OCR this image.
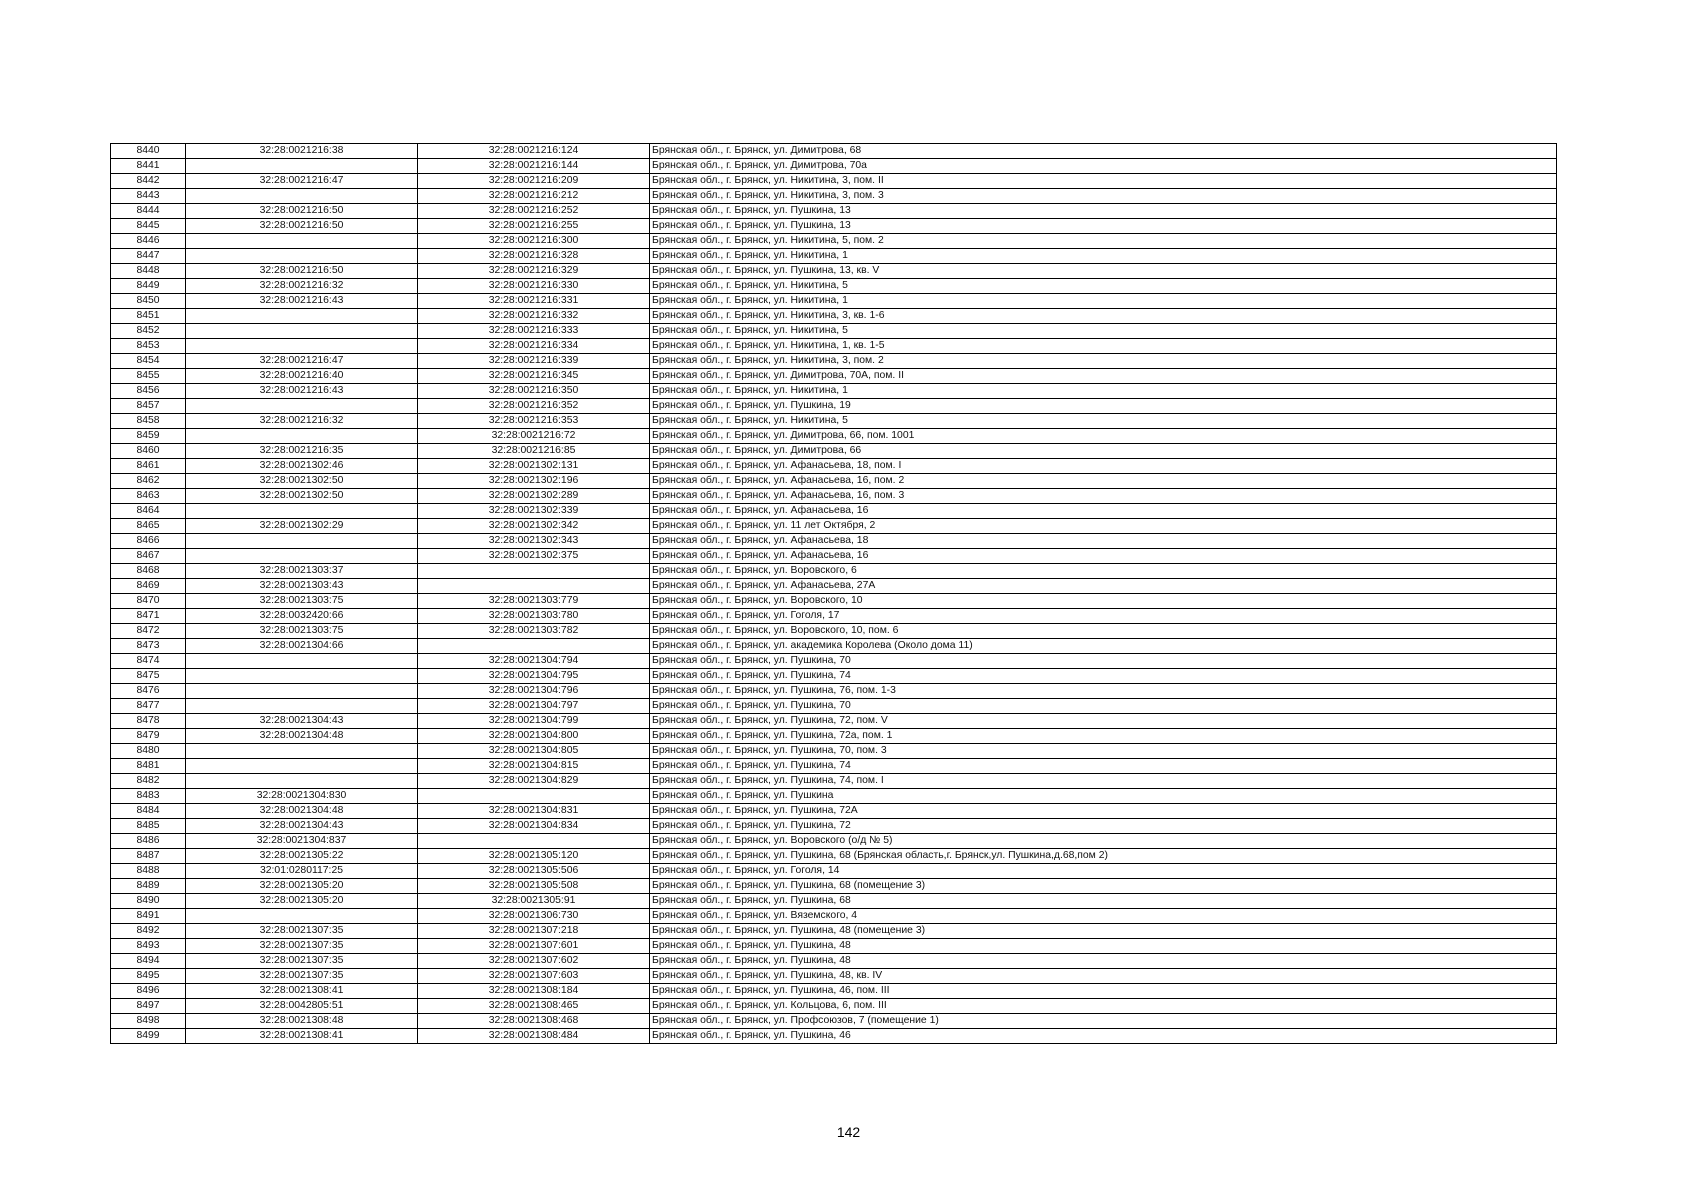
8440	32:28:0021216:38	32:28:0021216:124	Брянская обл., г. Брянск, ул. Димитрова, 68
8441		32:28:0021216:144	Брянская обл., г. Брянск, ул. Димитрова, 70а
8442	32:28:0021216:47	32:28:0021216:209	Брянская обл., г. Брянск, ул. Никитина, 3, пом. II
8443		32:28:0021216:212	Брянская обл., г. Брянск, ул. Никитина, 3, пом. 3
8444	32:28:0021216:50	32:28:0021216:252	Брянская обл., г. Брянск, ул. Пушкина, 13
8445	32:28:0021216:50	32:28:0021216:255	Брянская обл., г. Брянск, ул. Пушкина, 13
8446		32:28:0021216:300	Брянская обл., г. Брянск, ул. Никитина, 5, пом. 2
8447		32:28:0021216:328	Брянская обл., г. Брянск, ул. Никитина, 1
8448	32:28:0021216:50	32:28:0021216:329	Брянская обл., г. Брянск, ул. Пушкина, 13, кв. V
8449	32:28:0021216:32	32:28:0021216:330	Брянская обл., г. Брянск, ул. Никитина, 5
8450	32:28:0021216:43	32:28:0021216:331	Брянская обл., г. Брянск, ул. Никитина, 1
8451		32:28:0021216:332	Брянская обл., г. Брянск, ул. Никитина, 3, кв. 1-6
8452		32:28:0021216:333	Брянская обл., г. Брянск, ул. Никитина, 5
8453		32:28:0021216:334	Брянская обл., г. Брянск, ул. Никитина, 1, кв. 1-5
8454	32:28:0021216:47	32:28:0021216:339	Брянская обл., г. Брянск, ул. Никитина, 3, пом. 2
8455	32:28:0021216:40	32:28:0021216:345	Брянская обл., г. Брянск, ул. Димитрова, 70А, пом. II
8456	32:28:0021216:43	32:28:0021216:350	Брянская обл., г. Брянск, ул. Никитина, 1
8457		32:28:0021216:352	Брянская обл., г. Брянск, ул. Пушкина, 19
8458	32:28:0021216:32	32:28:0021216:353	Брянская обл., г. Брянск, ул. Никитина, 5
8459		32:28:0021216:72	Брянская обл., г. Брянск, ул. Димитрова, 66, пом. 1001
8460	32:28:0021216:35	32:28:0021216:85	Брянская обл., г. Брянск, ул. Димитрова, 66
8461	32:28:0021302:46	32:28:0021302:131	Брянская обл., г. Брянск, ул. Афанасьева, 18, пом. I
8462	32:28:0021302:50	32:28:0021302:196	Брянская обл., г. Брянск, ул. Афанасьева, 16, пом. 2
8463	32:28:0021302:50	32:28:0021302:289	Брянская обл., г. Брянск, ул. Афанасьева, 16, пом. 3
8464		32:28:0021302:339	Брянская обл., г. Брянск, ул. Афанасьева, 16
8465	32:28:0021302:29	32:28:0021302:342	Брянская обл., г. Брянск, ул. 11 лет Октября, 2
8466		32:28:0021302:343	Брянская обл., г. Брянск, ул. Афанасьева, 18
8467		32:28:0021302:375	Брянская обл., г. Брянск, ул. Афанасьева, 16
8468	32:28:0021303:37		Брянская обл., г. Брянск, ул. Воровского, 6
8469	32:28:0021303:43		Брянская обл., г. Брянск, ул. Афанасьева, 27А
8470	32:28:0021303:75	32:28:0021303:779	Брянская обл., г. Брянск, ул. Воровского, 10
8471	32:28:0032420:66	32:28:0021303:780	Брянская обл., г. Брянск, ул. Гоголя, 17
8472	32:28:0021303:75	32:28:0021303:782	Брянская обл., г. Брянск, ул. Воровского, 10, пом. 6
8473	32:28:0021304:66		Брянская обл., г. Брянск, ул. академика Королева (Около дома 11)
8474		32:28:0021304:794	Брянская обл., г. Брянск, ул. Пушкина, 70
8475		32:28:0021304:795	Брянская обл., г. Брянск, ул. Пушкина, 74
8476		32:28:0021304:796	Брянская обл., г. Брянск, ул. Пушкина, 76, пом. 1-3
8477		32:28:0021304:797	Брянская обл., г. Брянск, ул. Пушкина, 70
8478	32:28:0021304:43	32:28:0021304:799	Брянская обл., г. Брянск, ул. Пушкина, 72, пом. V
8479	32:28:0021304:48	32:28:0021304:800	Брянская обл., г. Брянск, ул. Пушкина, 72а, пом. 1
8480		32:28:0021304:805	Брянская обл., г. Брянск, ул. Пушкина, 70, пом. 3
8481		32:28:0021304:815	Брянская обл., г. Брянск, ул. Пушкина, 74
8482		32:28:0021304:829	Брянская обл., г. Брянск, ул. Пушкина, 74, пом. I
8483	32:28:0021304:830		Брянская обл., г. Брянск, ул. Пушкина
8484	32:28:0021304:48	32:28:0021304:831	Брянская обл., г. Брянск, ул. Пушкина, 72А
8485	32:28:0021304:43	32:28:0021304:834	Брянская обл., г. Брянск, ул. Пушкина, 72
8486	32:28:0021304:837		Брянская обл., г. Брянск, ул. Воровского (о/д № 5)
8487	32:28:0021305:22	32:28:0021305:120	Брянская обл., г. Брянск, ул. Пушкина, 68 (Брянская область,г. Брянск,ул. Пушкина,д.68,пом 2)
8488	32:01:0280117:25	32:28:0021305:506	Брянская обл., г. Брянск, ул. Гоголя, 14
8489	32:28:0021305:20	32:28:0021305:508	Брянская обл., г. Брянск, ул. Пушкина, 68 (помещение 3)
8490	32:28:0021305:20	32:28:0021305:91	Брянская обл., г. Брянск, ул. Пушкина, 68
8491		32:28:0021306:730	Брянская обл., г. Брянск, ул. Вяземского, 4
8492	32:28:0021307:35	32:28:0021307:218	Брянская обл., г. Брянск, ул. Пушкина, 48 (помещение 3)
8493	32:28:0021307:35	32:28:0021307:601	Брянская обл., г. Брянск, ул. Пушкина, 48
8494	32:28:0021307:35	32:28:0021307:602	Брянская обл., г. Брянск, ул. Пушкина, 48
8495	32:28:0021307:35	32:28:0021307:603	Брянская обл., г. Брянск, ул. Пушкина, 48, кв. IV
8496	32:28:0021308:41	32:28:0021308:184	Брянская обл., г. Брянск, ул. Пушкина, 46, пом. III
8497	32:28:0042805:51	32:28:0021308:465	Брянская обл., г. Брянск, ул. Кольцова, 6, пом. III
8498	32:28:0021308:48	32:28:0021308:468	Брянская обл., г. Брянск, ул. Профсоюзов, 7 (помещение 1)
8499	32:28:0021308:41	32:28:0021308:484	Брянская обл., г. Брянск, ул. Пушкина, 46
142
